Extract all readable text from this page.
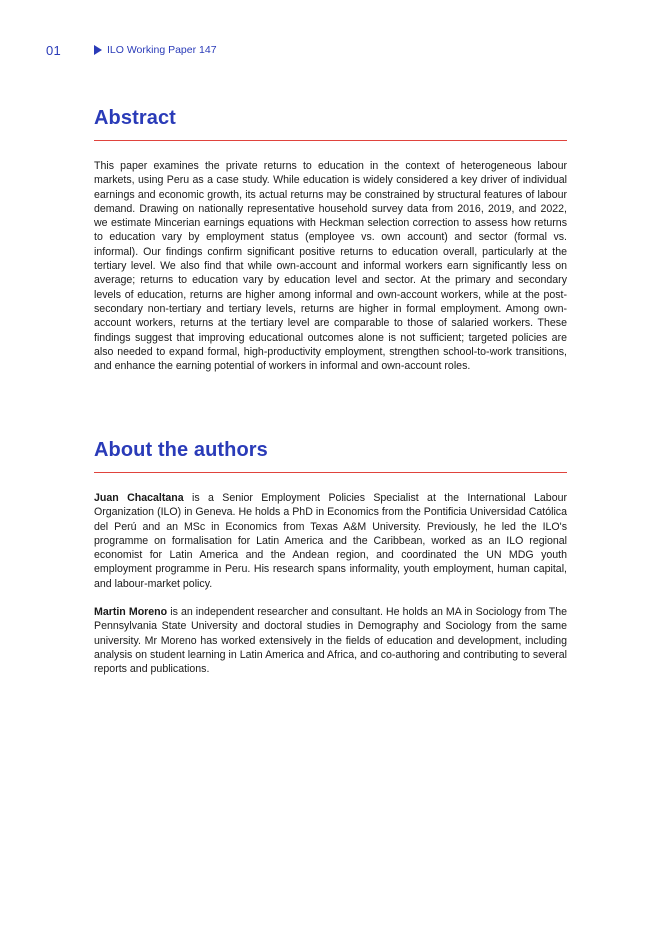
01	ILO Working Paper 147
Abstract

This paper examines the private returns to education in the context of heterogeneous labour markets, using Peru as a case study. While education is widely considered a key driver of individual earnings and economic growth, its actual returns may be constrained by structural features of labour demand. Drawing on nationally representative household survey data from 2016, 2019, and 2022, we estimate Mincerian earnings equations with Heckman selection correction to assess how returns to education vary by employment status (employee vs. own account) and sector (formal vs. informal). Our findings confirm significant positive returns to education overall, particularly at the tertiary level. We also find that while own-account and informal workers earn significantly less on average; returns to education vary by education level and sector. At the primary and secondary levels of education, returns are higher among informal and own-account workers, while at the post-secondary non-tertiary and tertiary levels, returns are higher in formal employment. Among own-account workers, returns at the tertiary level are comparable to those of salaried workers. These findings suggest that improving educational outcomes alone is not sufficient; targeted policies are also needed to expand formal, high-productivity employment, strengthen school-to-work transitions, and enhance the earning potential of workers in informal and own-account roles.

About the authors

Juan Chacaltana is a Senior Employment Policies Specialist at the International Labour Organization (ILO) in Geneva. He holds a PhD in Economics from the Pontificia Universidad Católica del Perú and an MSc in Economics from Texas A&M University. Previously, he led the ILO's programme on formalisation for Latin America and the Caribbean, worked as an ILO regional economist for Latin America and the Andean region, and coordinated the UN MDG youth employment programme in Peru. His research spans informality, youth employment, human capital, and labour-market policy.

Martin Moreno is an independent researcher and consultant. He holds an MA in Sociology from The Pennsylvania State University and doctoral studies in Demography and Sociology from the same university. Mr Moreno has worked extensively in the fields of education and development, including analysis on student learning in Latin America and Africa, and co-authoring and contributing to several reports and publications.
